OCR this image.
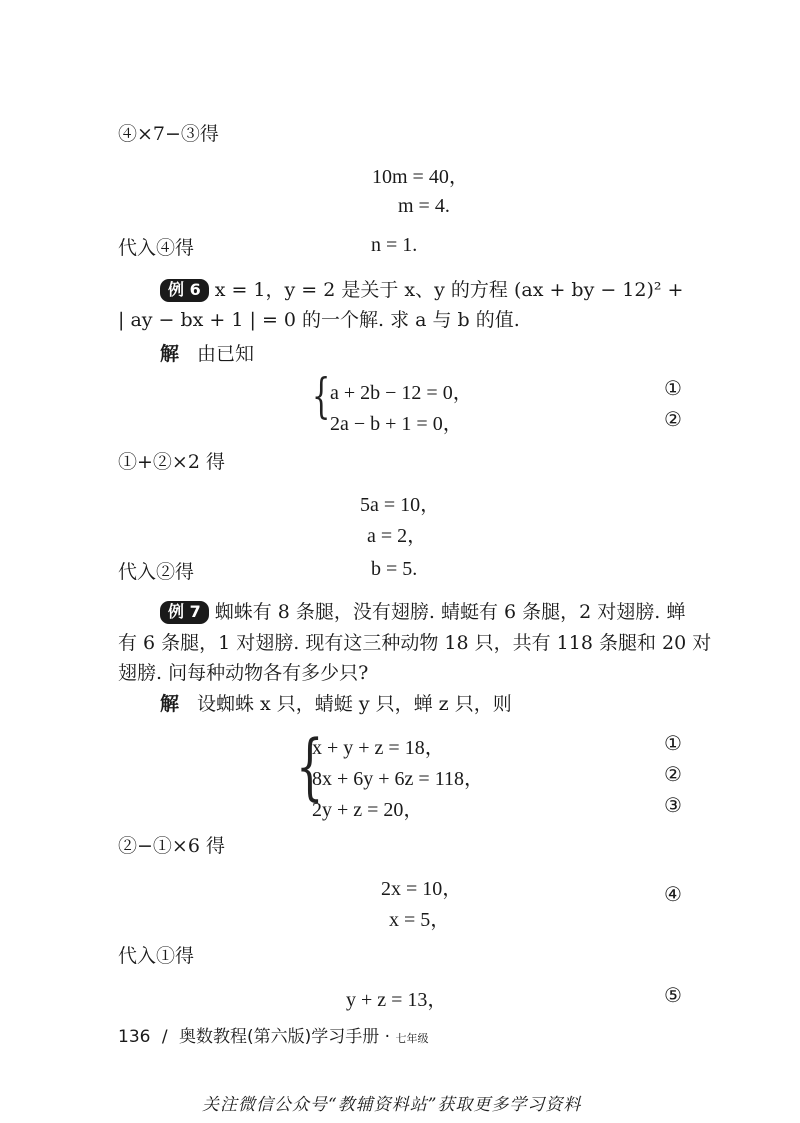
④×7−③得
10m = 40，
m = 4.
代入④得	n = 1.
例 6 x = 1，y = 2 是关于 x、y 的方程 (ax + by − 12)² +
| ay − bx + 1 | = 0 的一个解. 求 a 与 b 的值.
解 由已知
{ a + 2b − 12 = 0，
2a − b + 1 = 0，
①
②
①+②×2 得
5a = 10，
a = 2，
代入②得	b = 5.
例 7 蜘蛛有 8 条腿，没有翅膀. 蜻蜓有 6 条腿，2 对翅膀. 蝉
有 6 条腿，1 对翅膀. 现有这三种动物 18 只，共有 118 条腿和 20 对
翅膀. 问每种动物各有多少只?
解 设蜘蛛 x 只，蜻蜓 y 只，蝉 z 只，则
{
x + y + z = 18，
8x + 6y + 6z = 118，
2y + z = 20，
①
②
③
②−①×6 得
2x = 10，
x = 5，
④
代入①得
y + z = 13，	⑤
136 / 奥数教程(第六版)学习手册 · 七年级
关注微信公众号“教辅资料站”获取更多学习资料
